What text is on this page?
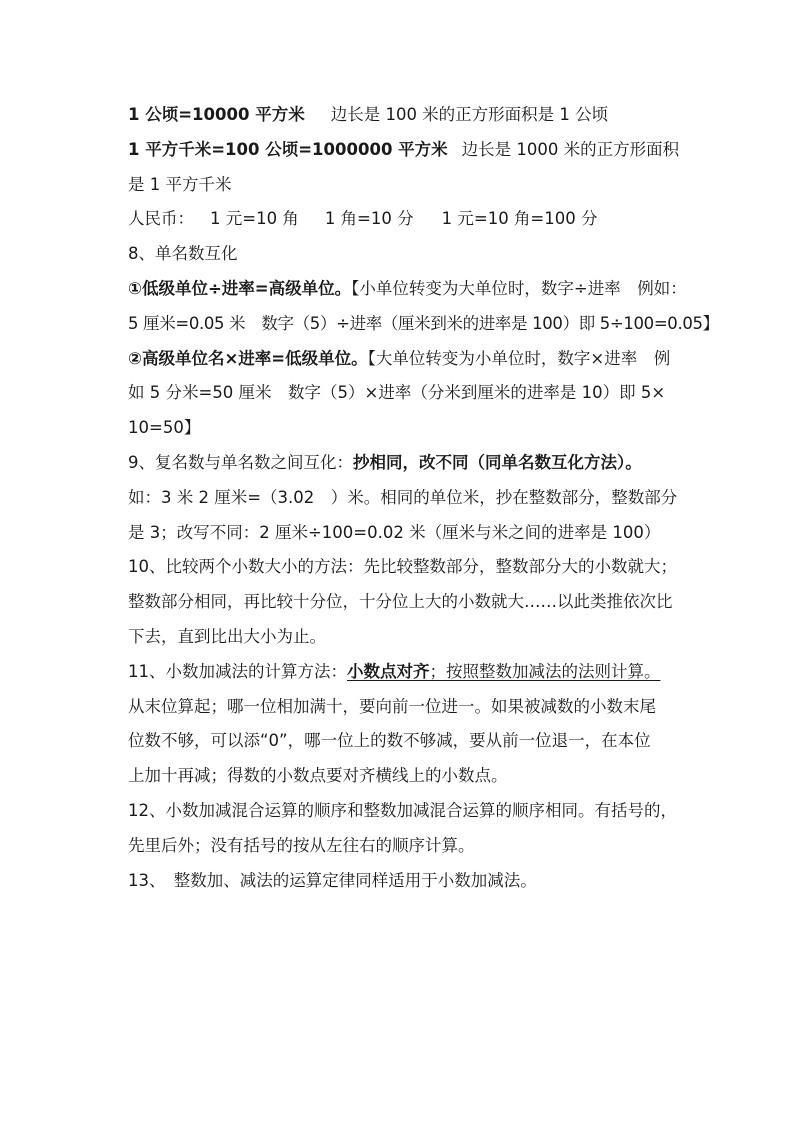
1 公顷=10000 平方米 边长是 100 米的正方形面积是 1 公顷
1 平方千米=100 公顷=1000000 平方米 边长是 1000 米的正方形面积
是 1 平方千米
人民币： 1 元=10 角 1 角=10 分 1 元=10 角=100 分
8、单名数互化
①低级单位÷进率=高级单位。【小单位转变为大单位时，数字÷进率　例如：
5 厘米=0.05 米　数字（5）÷进率（厘米到米的进率是 100）即 5÷100=0.05】
②高级单位名×进率=低级单位。【大单位转变为小单位时，数字×进率　例
如 5 分米=50 厘米　数字（5）×进率（分米到厘米的进率是 10）即 5×
10=50】
9、复名数与单名数之间互化：抄相同，改不同（同单名数互化方法）。
如：3 米 2 厘米=（3.02　）米。相同的单位米，抄在整数部分，整数部分
是 3；改写不同：2 厘米÷100=0.02 米（厘米与米之间的进率是 100）
10、比较两个小数大小的方法：先比较整数部分，整数部分大的小数就大；
整数部分相同，再比较十分位，十分位上大的小数就大……以此类推依次比
下去，直到比出大小为止。
11、小数加减法的计算方法：小数点对齐；按照整数加减法的法则计算。
从末位算起；哪一位相加满十，要向前一位进一。如果被减数的小数末尾
位数不够，可以添“0”，哪一位上的数不够减，要从前一位退一，在本位
上加十再减；得数的小数点要对齐横线上的小数点。
12、小数加减混合运算的顺序和整数加减混合运算的顺序相同。有括号的，
先里后外；没有括号的按从左往右的顺序计算。
13、　整数加、减法的运算定律同样适用于小数加减法。
